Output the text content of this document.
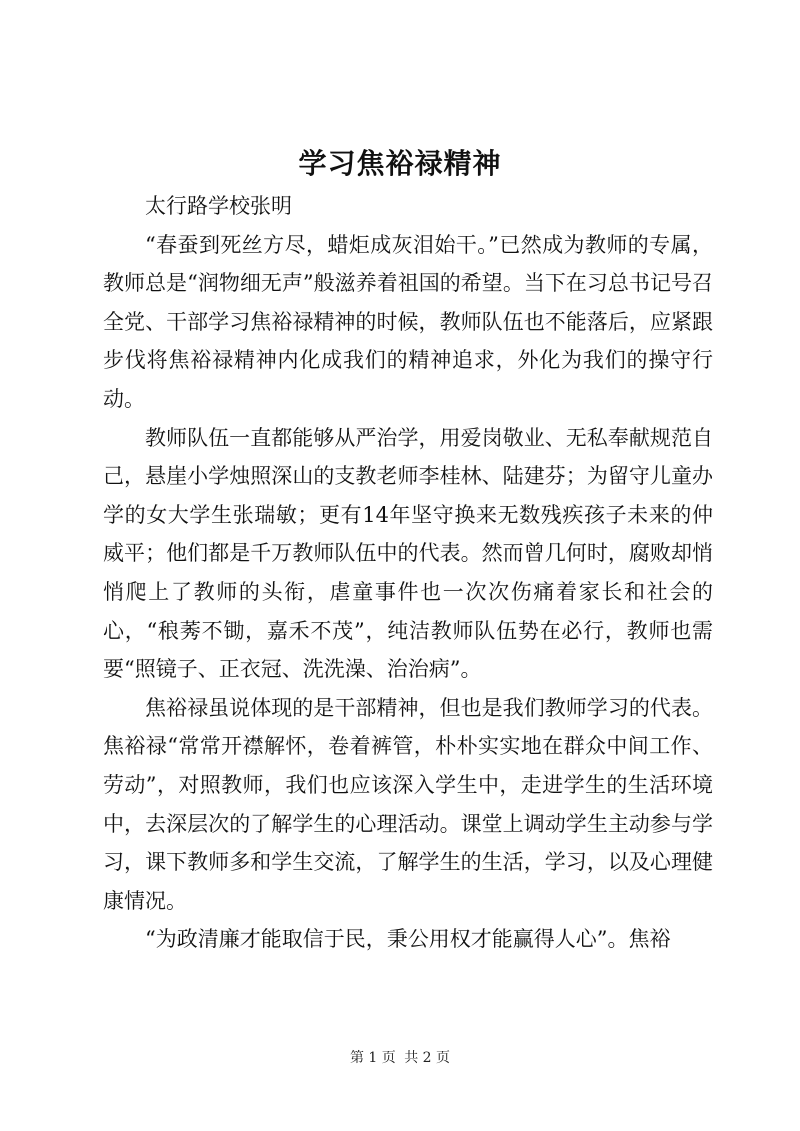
学习焦裕禄精神

太行路学校张明

“春蚕到死丝方尽，蜡炬成灰泪始干。”已然成为教师的专属，教师总是“润物细无声”般滋养着祖国的希望。当下在习总书记号召全党、干部学习焦裕禄精神的时候，教师队伍也不能落后，应紧跟步伐将焦裕禄精神内化成我们的精神追求，外化为我们的操守行动。

教师队伍一直都能够从严治学，用爱岗敬业、无私奉献规范自己，悬崖小学烛照深山的支教老师李桂林、陆建芬；为留守儿童办学的女大学生张瑞敏；更有14年坚守换来无数残疾孩子未来的仲威平；他们都是千万教师队伍中的代表。然而曾几何时，腐败却悄悄爬上了教师的头衔，虐童事件也一次次伤痛着家长和社会的心，“稂莠不锄，嘉禾不茂”，纯洁教师队伍势在必行，教师也需要“照镜子、正衣冠、洗洗澡、治治病”。

焦裕禄虽说体现的是干部精神，但也是我们教师学习的代表。焦裕禄“常常开襟解怀，卷着裤管，朴朴实实地在群众中间工作、劳动”，对照教师，我们也应该深入学生中，走进学生的生活环境中，去深层次的了解学生的心理活动。课堂上调动学生主动参与学习，课下教师多和学生交流，了解学生的生活，学习，以及心理健康情况。

“为政清廉才能取信于民，秉公用权才能赢得人心”。焦裕

第 1 页 共 2 页
